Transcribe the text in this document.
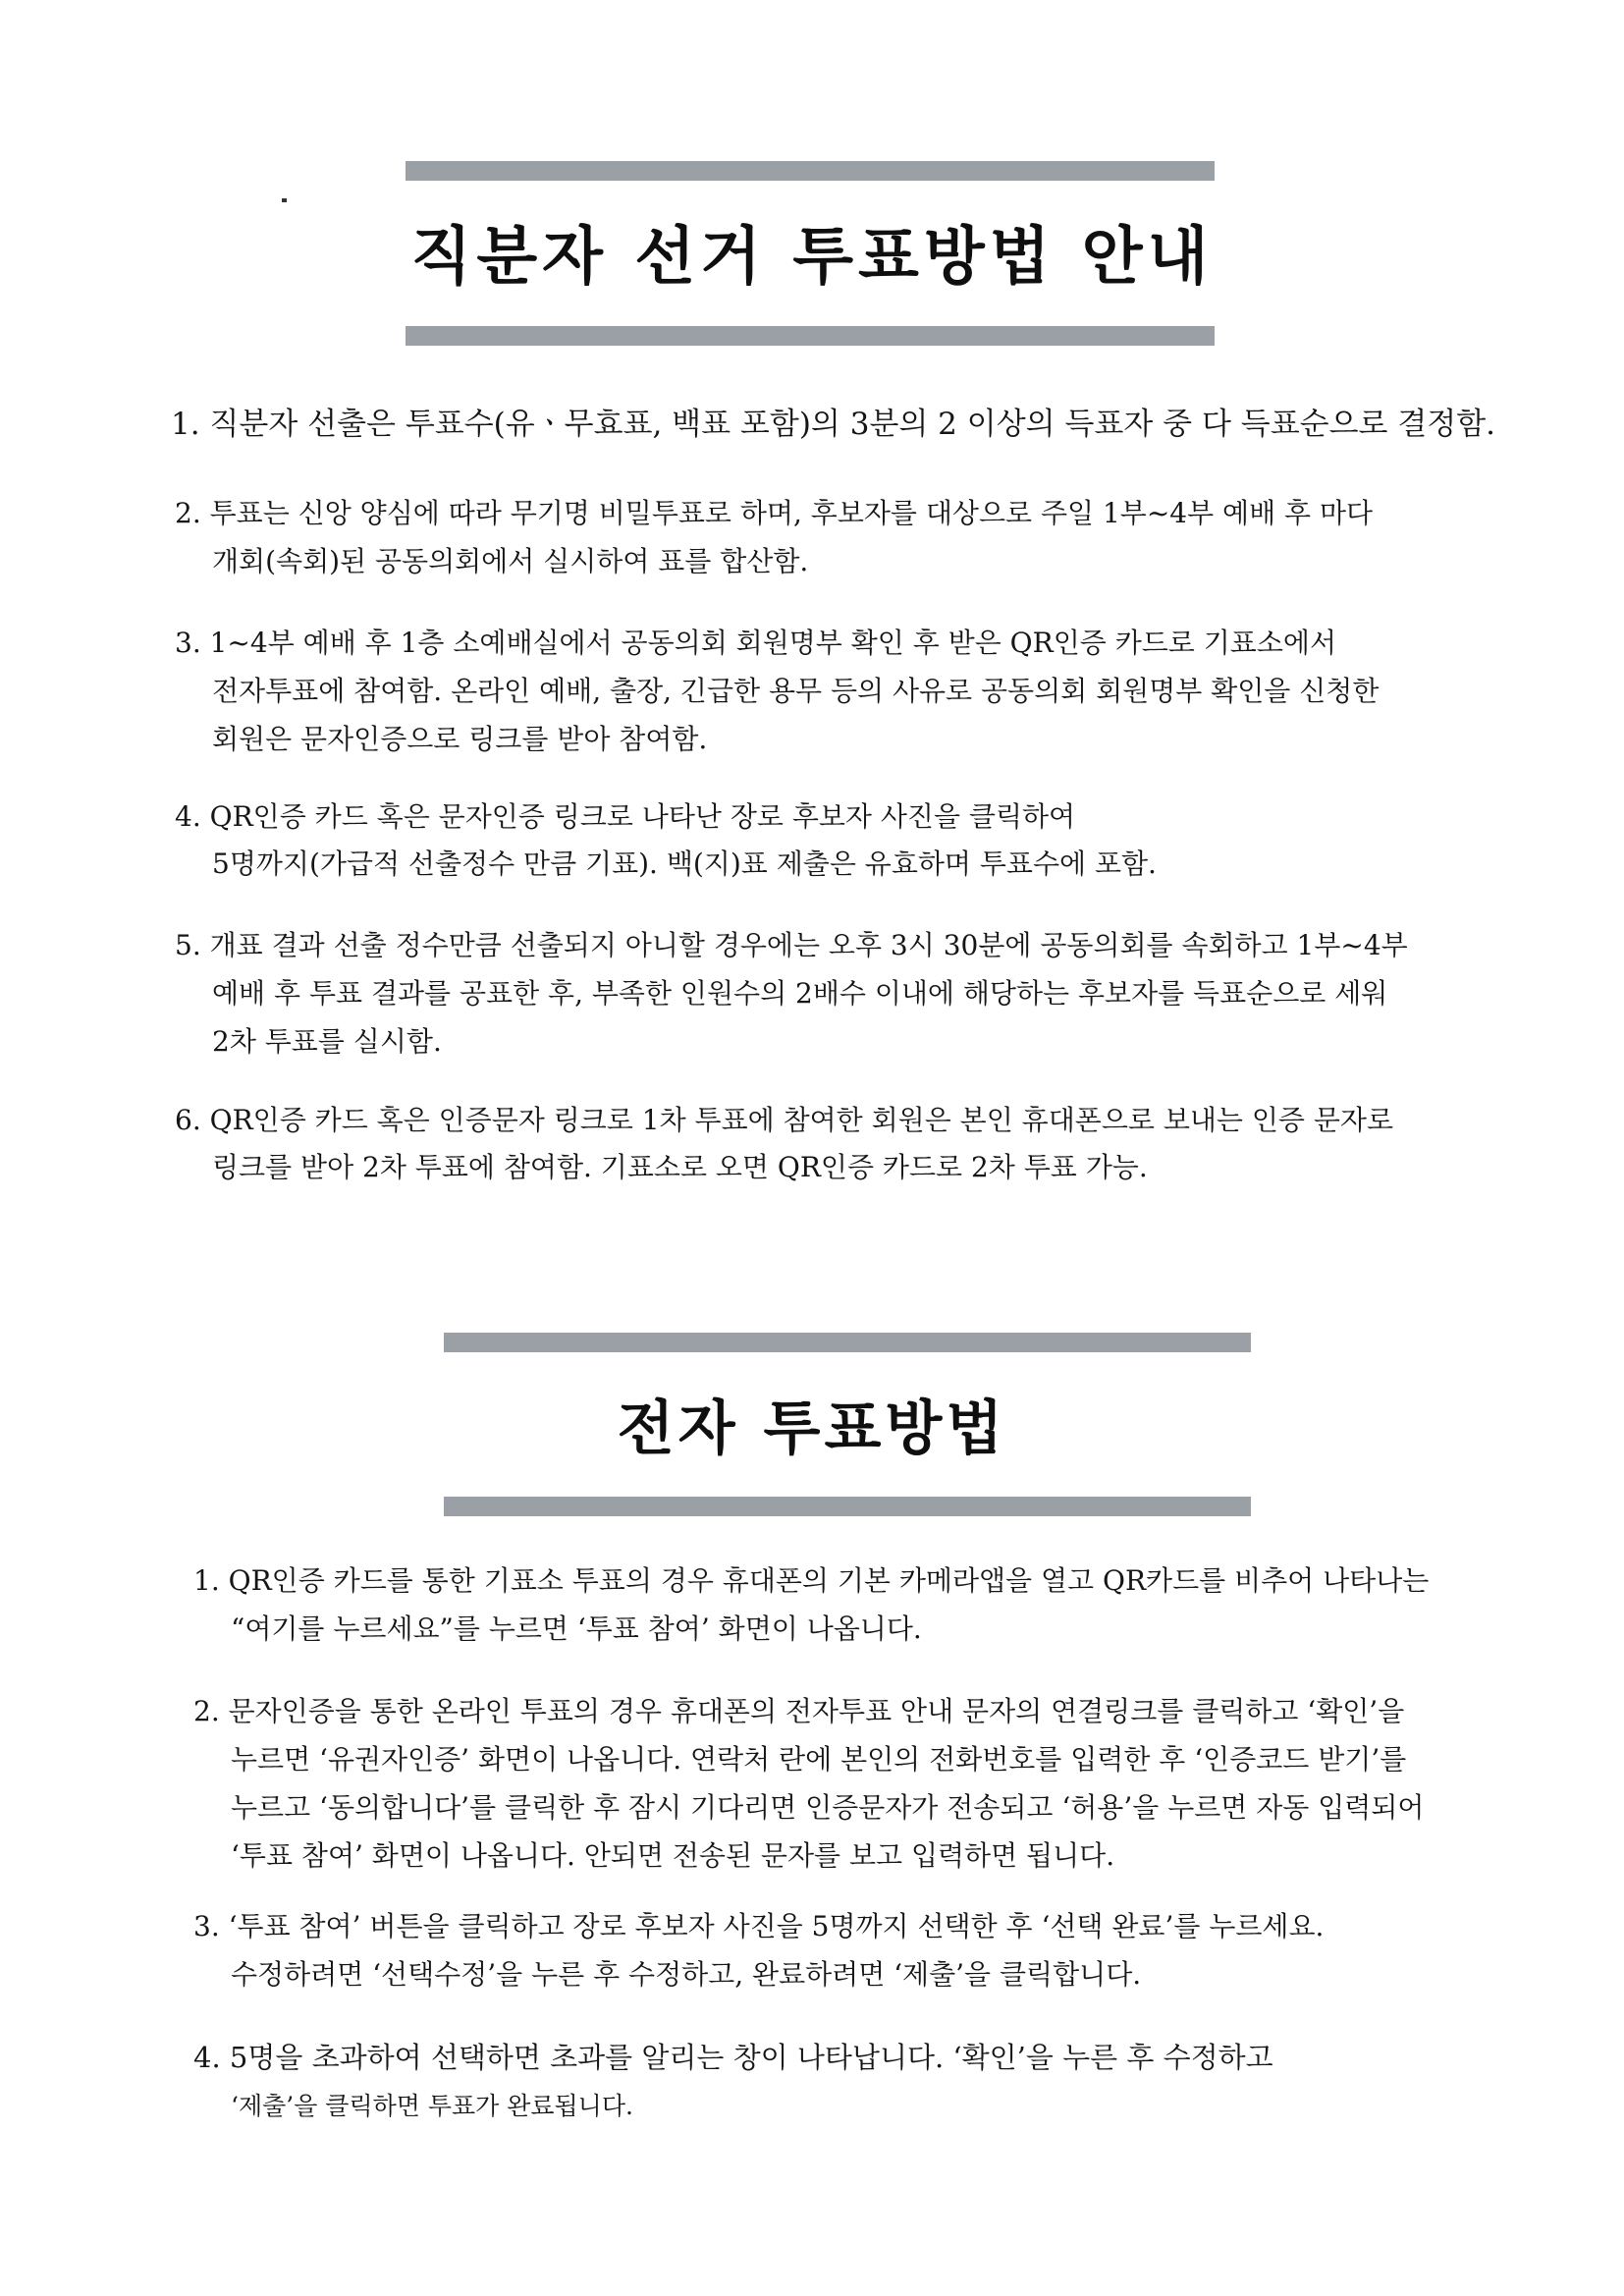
직분자 선거 투표방법 안내
전자 투표방법
1. 직분자 선출은 투표수(유ㆍ무효표, 백표 포함)의 3분의 2 이상의 득표자 중 다 득표순으로 결정함.
2. 투표는 신앙 양심에 따라 무기명 비밀투표로 하며, 후보자를 대상으로 주일 1부~4부 예배 후 마다
개회(속회)된 공동의회에서 실시하여 표를 합산함.
3. 1~4부 예배 후 1층 소예배실에서 공동의회 회원명부 확인 후 받은 QR인증 카드로 기표소에서
전자투표에 참여함. 온라인 예배, 출장, 긴급한 용무 등의 사유로 공동의회 회원명부 확인을 신청한
회원은 문자인증으로 링크를 받아 참여함.
4. QR인증 카드 혹은 문자인증 링크로 나타난 장로 후보자 사진을 클릭하여
5명까지(가급적 선출정수 만큼 기표). 백(지)표 제출은 유효하며 투표수에 포함.
5. 개표 결과 선출 정수만큼 선출되지 아니할 경우에는 오후 3시 30분에 공동의회를 속회하고 1부~4부
예배 후 투표 결과를 공표한 후, 부족한 인원수의 2배수 이내에 해당하는 후보자를 득표순으로 세워
2차 투표를 실시함.
6. QR인증 카드 혹은 인증문자 링크로 1차 투표에 참여한 회원은 본인 휴대폰으로 보내는 인증 문자로
링크를 받아 2차 투표에 참여함. 기표소로 오면 QR인증 카드로 2차 투표 가능.
1. QR인증 카드를 통한 기표소 투표의 경우 휴대폰의 기본 카메라앱을 열고 QR카드를 비추어 나타나는
“여기를 누르세요”를 누르면 ‘투표 참여’ 화면이 나옵니다.
2. 문자인증을 통한 온라인 투표의 경우 휴대폰의 전자투표 안내 문자의 연결링크를 클릭하고 ‘확인’을
누르면 ‘유권자인증’ 화면이 나옵니다. 연락처 란에 본인의 전화번호를 입력한 후 ‘인증코드 받기’를
누르고 ‘동의합니다’를 클릭한 후 잠시 기다리면 인증문자가 전송되고 ‘허용’을 누르면 자동 입력되어
‘투표 참여’ 화면이 나옵니다. 안되면 전송된 문자를 보고 입력하면 됩니다.
3. ‘투표 참여’ 버튼을 클릭하고 장로 후보자 사진을 5명까지 선택한 후 ‘선택 완료’를 누르세요.
수정하려면 ‘선택수정’을 누른 후 수정하고, 완료하려면 ‘제출’을 클릭합니다.
4. 5명을 초과하여 선택하면 초과를 알리는 창이 나타납니다. ‘확인’을 누른 후 수정하고
‘제출’을 클릭하면 투표가 완료됩니다.
